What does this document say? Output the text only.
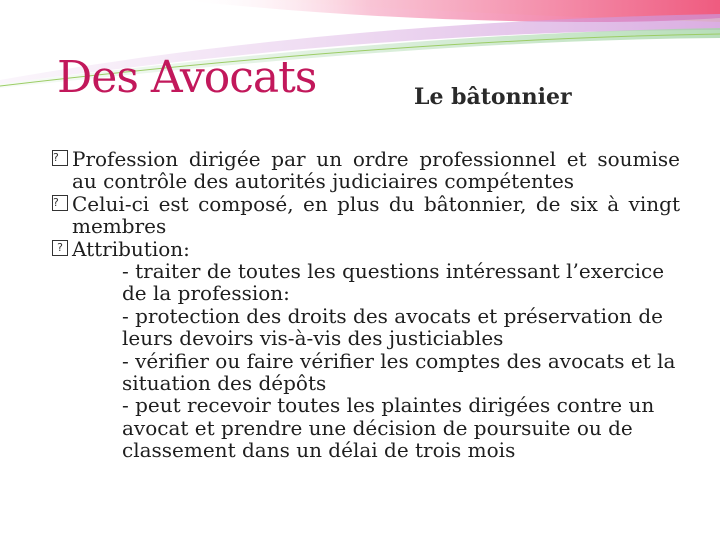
Des Avocats	Le bâtonnier

? Profession dirigée par un ordre professionnel et soumise au contrôle des autorités judiciaires compétentes

? Celui-ci est composé, en plus du bâtonnier, de six à vingt membres

? Attribution:

- traiter de toutes les questions intéressant l’exercice de la profession:

- protection des droits des avocats et préservation de leurs devoirs vis-à-vis des justiciables

- vérifier ou faire vérifier les comptes des avocats et la situation des dépôts

- peut recevoir toutes les plaintes dirigées contre un avocat et prendre une décision de poursuite ou de classement dans un délai de trois mois
